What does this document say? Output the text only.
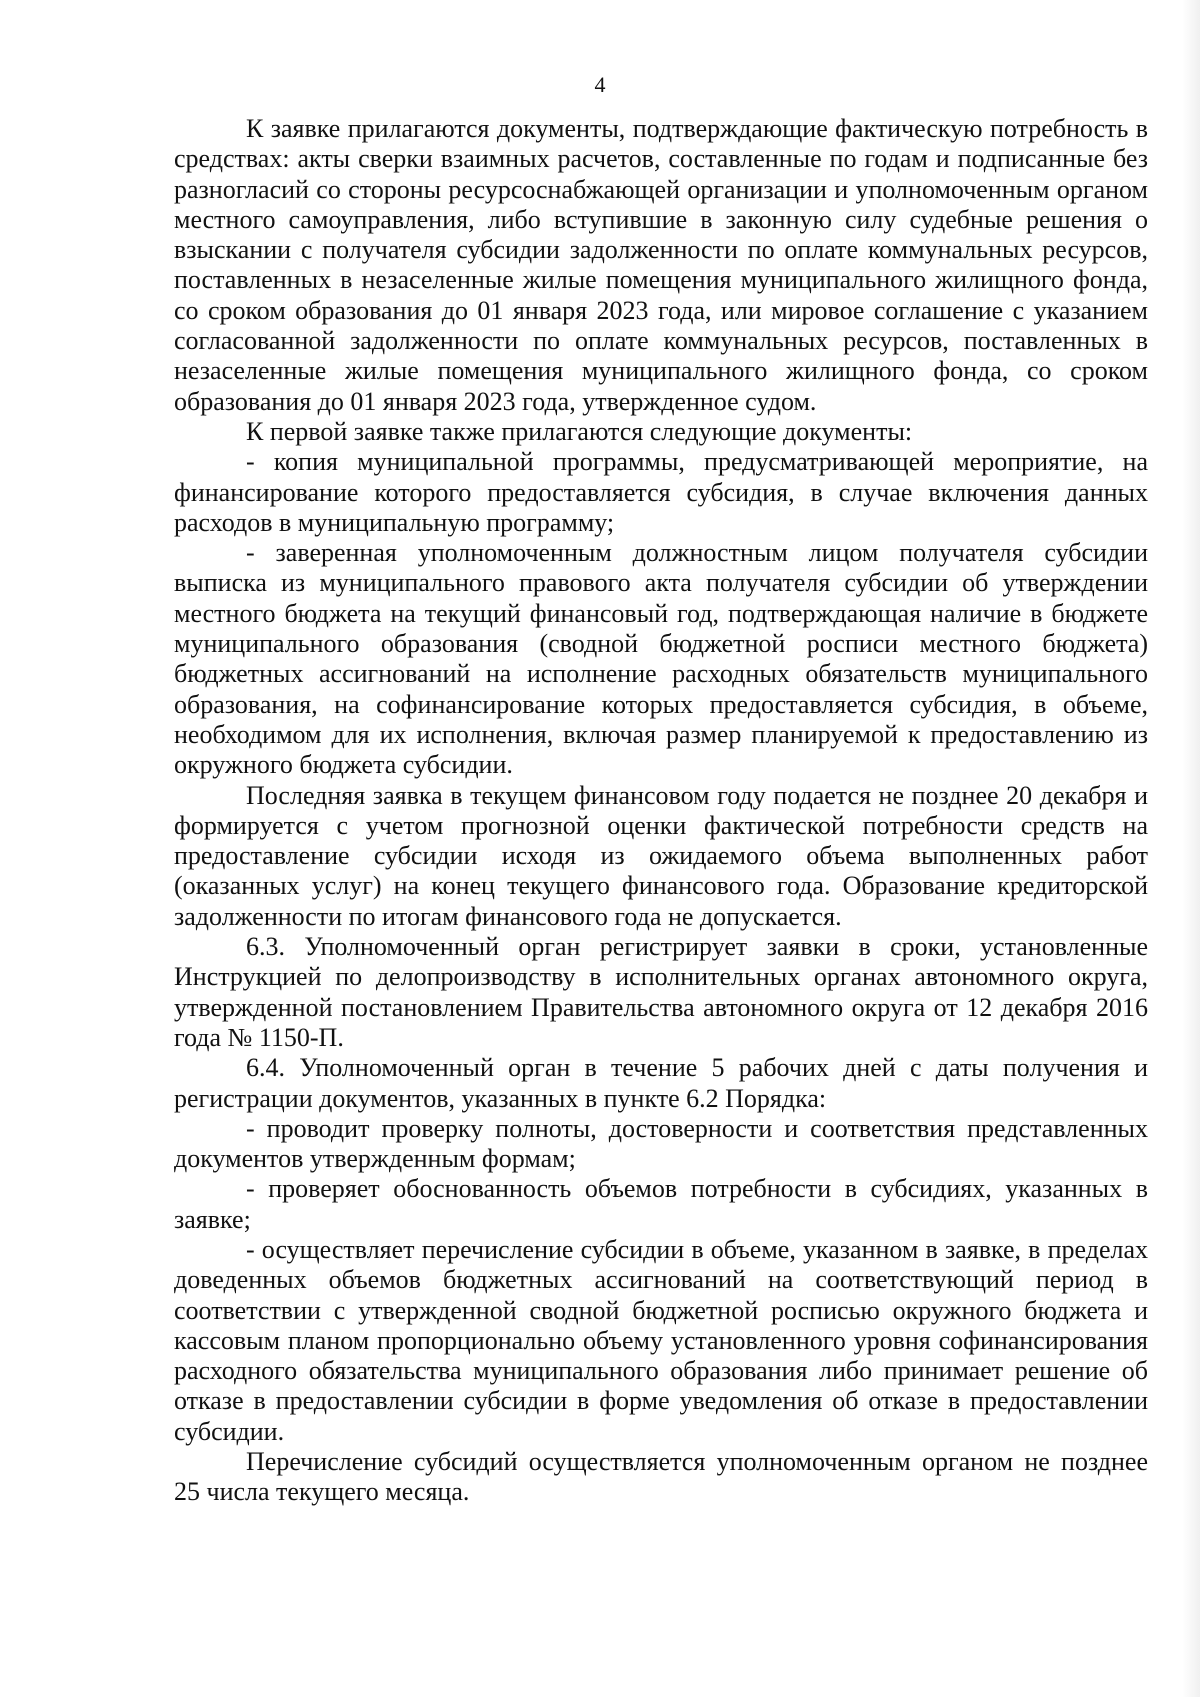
4

К заявке прилагаются документы, подтверждающие фактическую потребность в средствах: акты сверки взаимных расчетов, составленные по годам и подписанные без разногласий со стороны ресурсоснабжающей организации и уполномоченным органом местного самоуправления, либо вступившие в законную силу судебные решения о взыскании с получателя субсидии задолженности по оплате коммунальных ресурсов, поставленных в незаселенные жилые помещения муниципального жилищного фонда, со сроком образования до 01 января 2023 года, или мировое соглашение с указанием согласованной задолженности по оплате коммунальных ресурсов, поставленных в незаселенные жилые помещения муниципального жилищного фонда, со сроком образования до 01 января 2023 года, утвержденное судом.

К первой заявке также прилагаются следующие документы:

- копия муниципальной программы, предусматривающей мероприятие, на финансирование которого предоставляется субсидия, в случае включения данных расходов в муниципальную программу;

- заверенная уполномоченным должностным лицом получателя субсидии выписка из муниципального правового акта получателя субсидии об утверждении местного бюджета на текущий финансовый год, подтверждающая наличие в бюджете муниципального образования (сводной бюджетной росписи местного бюджета) бюджетных ассигнований на исполнение расходных обязательств муниципального образования, на софинансирование которых предоставляется субсидия, в объеме, необходимом для их исполнения, включая размер планируемой к предоставлению из окружного бюджета субсидии.

Последняя заявка в текущем финансовом году подается не позднее 20 декабря и формируется с учетом прогнозной оценки фактической потребности средств на предоставление субсидии исходя из ожидаемого объема выполненных работ (оказанных услуг) на конец текущего финансового года. Образование кредиторской задолженности по итогам финансового года не допускается.

6.3. Уполномоченный орган регистрирует заявки в сроки, установленные Инструкцией по делопроизводству в исполнительных органах автономного округа, утвержденной постановлением Правительства автономного округа от 12 декабря 2016 года № 1150-П.

6.4. Уполномоченный орган в течение 5 рабочих дней с даты получения и регистрации документов, указанных в пункте 6.2 Порядка:

- проводит проверку полноты, достоверности и соответствия представленных документов утвержденным формам;

- проверяет обоснованность объемов потребности в субсидиях, указанных в заявке;

- осуществляет перечисление субсидии в объеме, указанном в заявке, в пределах доведенных объемов бюджетных ассигнований на соответствующий период в соответствии с утвержденной сводной бюджетной росписью окружного бюджета и кассовым планом пропорционально объему установленного уровня софинансирования расходного обязательства муниципального образования либо принимает решение об отказе в предоставлении субсидии в форме уведомления об отказе в предоставлении субсидии.

Перечисление субсидий осуществляется уполномоченным органом не позднее 25 числа текущего месяца.
